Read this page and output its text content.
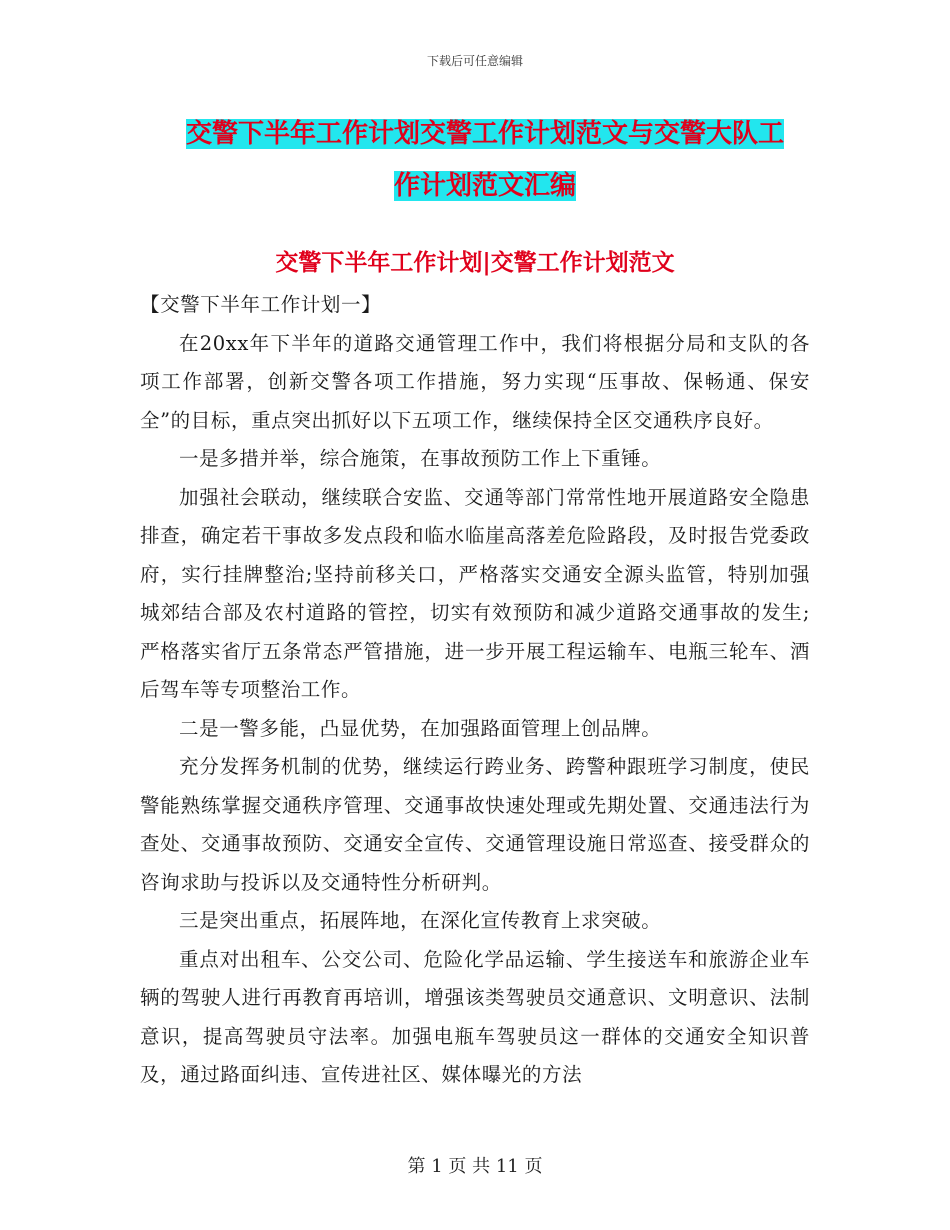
下载后可任意编辑
交警下半年工作计划交警工作计划范文与交警大队工
作计划范文汇编
交警下半年工作计划|交警工作计划范文

【交警下半年工作计划一】

在20xx年下半年的道路交通管理工作中，我们将根据分局和支队的各项工作部署，创新交警各项工作措施，努力实现“压事故、保畅通、保安全”的目标，重点突出抓好以下五项工作，继续保持全区交通秩序良好。

一是多措并举，综合施策，在事故预防工作上下重锤。

加强社会联动，继续联合安监、交通等部门常常性地开展道路安全隐患排查，确定若干事故多发点段和临水临崖高落差危险路段，及时报告党委政府，实行挂牌整治;坚持前移关口，严格落实交通安全源头监管，特别加强城郊结合部及农村道路的管控，切实有效预防和减少道路交通事故的发生;严格落实省厅五条常态严管措施，进一步开展工程运输车、电瓶三轮车、酒后驾车等专项整治工作。

二是一警多能，凸显优势，在加强路面管理上创品牌。

充分发挥务机制的优势，继续运行跨业务、跨警种跟班学习制度，使民警能熟练掌握交通秩序管理、交通事故快速处理或先期处置、交通违法行为查处、交通事故预防、交通安全宣传、交通管理设施日常巡查、接受群众的咨询求助与投诉以及交通特性分析研判。

三是突出重点，拓展阵地，在深化宣传教育上求突破。

重点对出租车、公交公司、危险化学品运输、学生接送车和旅游企业车辆的驾驶人进行再教育再培训，增强该类驾驶员交通意识、文明意识、法制意识，提高驾驶员守法率。加强电瓶车驾驶员这一群体的交通安全知识普及，通过路面纠违、宣传进社区、媒体曝光的方法

第 1 页 共 11 页
